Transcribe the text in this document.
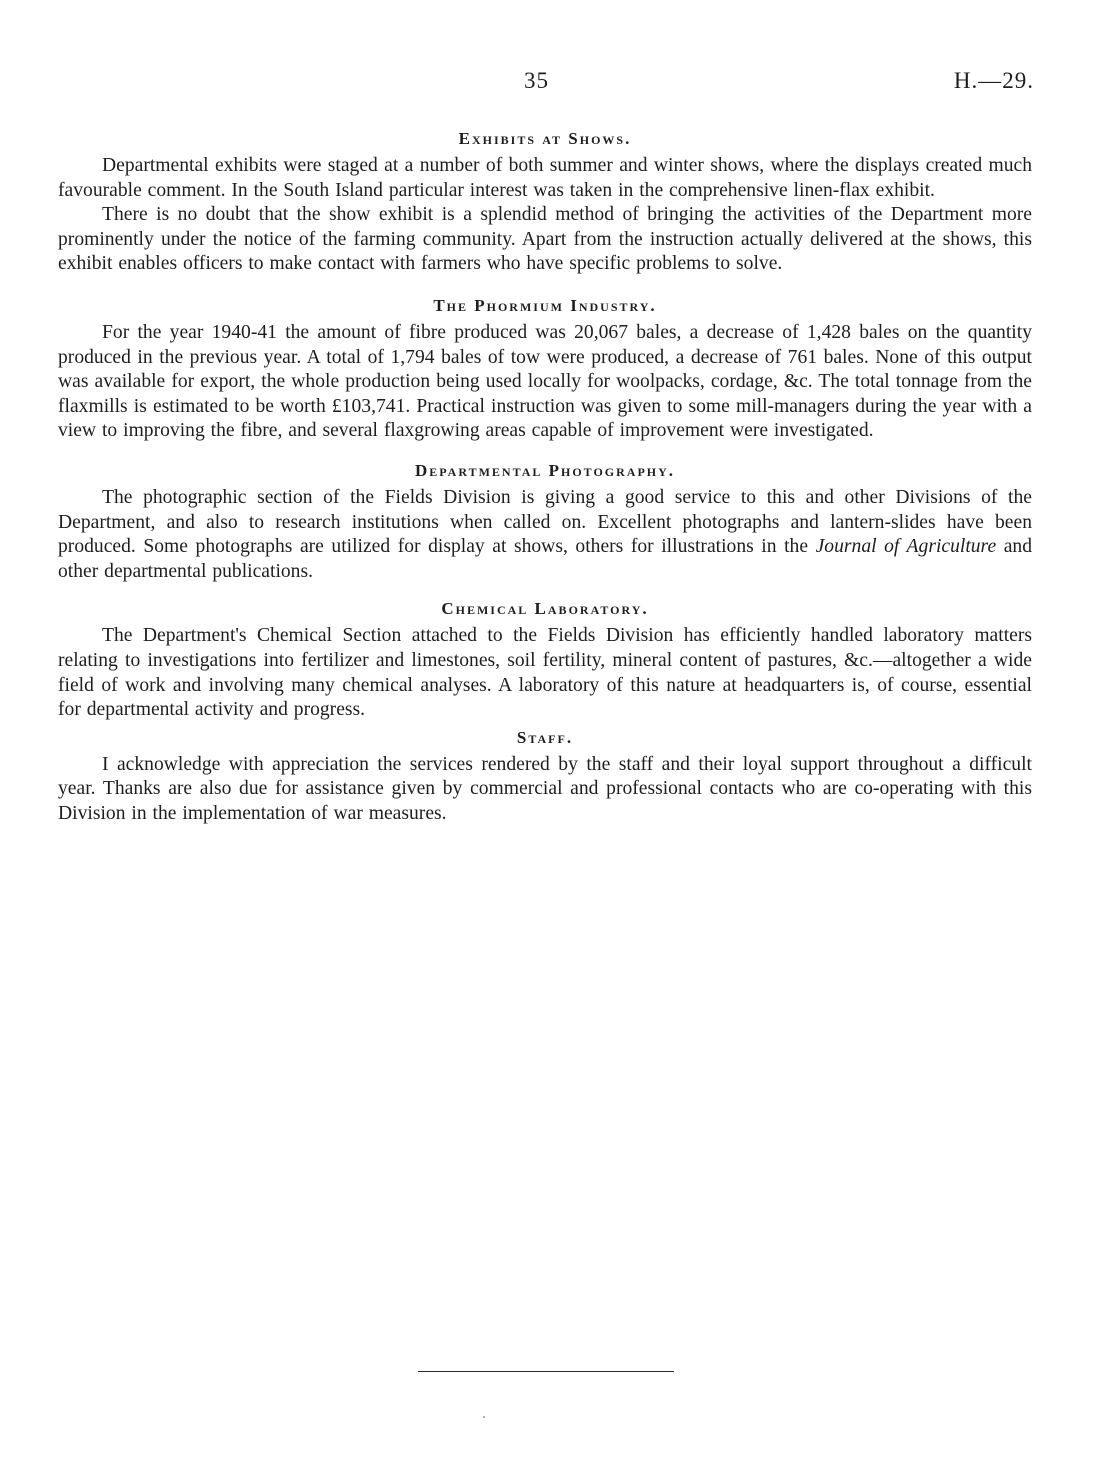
35	H.—29.
Exhibits at Shows.

Departmental exhibits were staged at a number of both summer and winter shows, where the displays created much favourable comment. In the South Island particular interest was taken in the comprehensive linen-flax exhibit.

There is no doubt that the show exhibit is a splendid method of bringing the activities of the Department more prominently under the notice of the farming community. Apart from the instruction actually delivered at the shows, this exhibit enables officers to make contact with farmers who have specific problems to solve.

The Phormium Industry.

For the year 1940-41 the amount of fibre produced was 20,067 bales, a decrease of 1,428 bales on the quantity produced in the previous year. A total of 1,794 bales of tow were produced, a decrease of 761 bales. None of this output was available for export, the whole production being used locally for woolpacks, cordage, &c. The total tonnage from the flaxmills is estimated to be worth £103,741. Practical instruction was given to some mill-managers during the year with a view to improving the fibre, and several flaxgrowing areas capable of improvement were investigated.

Departmental Photography.

The photographic section of the Fields Division is giving a good service to this and other Divisions of the Department, and also to research institutions when called on. Excellent photographs and lantern-slides have been produced. Some photographs are utilized for display at shows, others for illustrations in the Journal of Agriculture and other departmental publications.

Chemical Laboratory.

The Department's Chemical Section attached to the Fields Division has efficiently handled laboratory matters relating to investigations into fertilizer and limestones, soil fertility, mineral content of pastures, &c.—altogether a wide field of work and involving many chemical analyses. A laboratory of this nature at headquarters is, of course, essential for departmental activity and progress.

Staff.

I acknowledge with appreciation the services rendered by the staff and their loyal support throughout a difficult year. Thanks are also due for assistance given by commercial and professional contacts who are co-operating with this Division in the implementation of war measures.
